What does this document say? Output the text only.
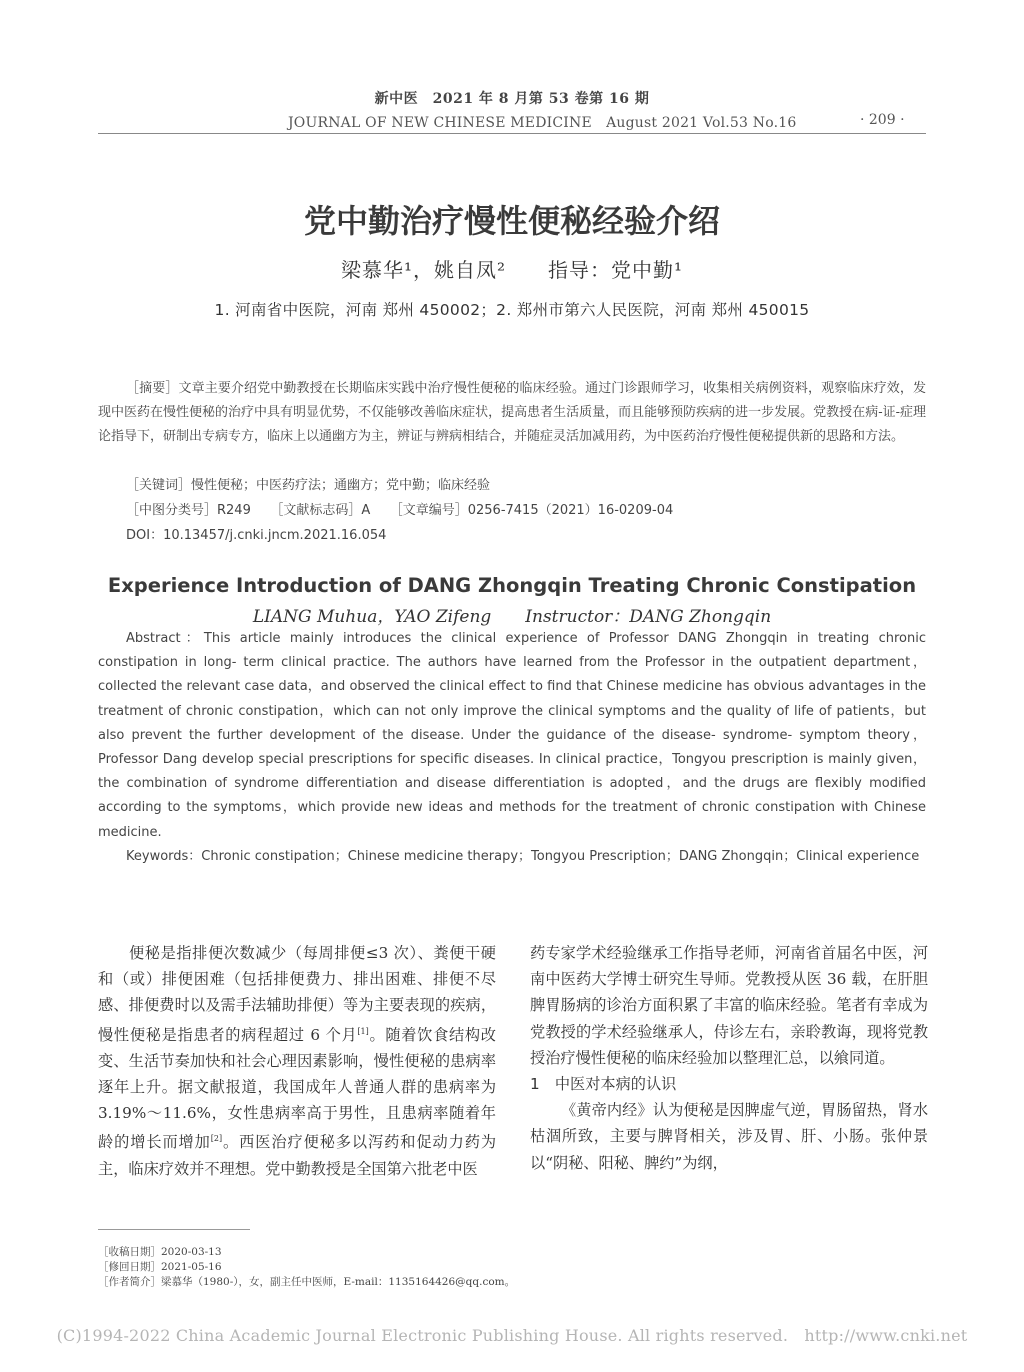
新中医　2021 年 8 月第 53 卷第 16 期
JOURNAL OF NEW CHINESE MEDICINE　August 2021 Vol.53 No.16	· 209 ·
党中勤治疗慢性便秘经验介绍
梁慕华¹，姚自凤²　　指导：党中勤¹
1. 河南省中医院，河南 郑州 450002；2. 郑州市第六人民医院，河南 郑州 450015
［摘要］文章主要介绍党中勤教授在长期临床实践中治疗慢性便秘的临床经验。通过门诊跟师学习，收集相关病例资料，观察临床疗效，发现中医药在慢性便秘的治疗中具有明显优势，不仅能够改善临床症状，提高患者生活质量，而且能够预防疾病的进一步发展。党教授在病-证-症理论指导下，研制出专病专方，临床上以通幽方为主，辨证与辨病相结合，并随症灵活加减用药，为中医药治疗慢性便秘提供新的思路和方法。
［关键词］慢性便秘；中医药疗法；通幽方；党中勤；临床经验
［中图分类号］R249　　［文献标志码］A　　［文章编号］0256-7415（2021）16-0209-04
DOI：10.13457/j.cnki.jncm.2021.16.054
Experience Introduction of DANG Zhongqin Treating Chronic Constipation
LIANG Muhua，YAO Zifeng　　Instructor：DANG Zhongqin
Abstract：This article mainly introduces the clinical experience of Professor DANG Zhongqin in treating chronic constipation in long- term clinical practice. The authors have learned from the Professor in the outpatient department，collected the relevant case data，and observed the clinical effect to find that Chinese medicine has obvious advantages in the treatment of chronic constipation，which can not only improve the clinical symptoms and the quality of life of patients，but also prevent the further development of the disease. Under the guidance of the disease- syndrome- symptom theory，Professor Dang develop special prescriptions for specific diseases. In clinical practice，Tongyou prescription is mainly given，the combination of syndrome differentiation and disease differentiation is adopted，and the drugs are flexibly modified according to the symptoms，which provide new ideas and methods for the treatment of chronic constipation with Chinese medicine.
Keywords：Chronic constipation；Chinese medicine therapy；Tongyou Prescription；DANG Zhongqin；Clinical experience

便秘是指排便次数减少（每周排便≤3 次）、粪便干硬和（或）排便困难（包括排便费力、排出困难、排便不尽感、排便费时以及需手法辅助排便）等为主要表现的疾病，慢性便秘是指患者的病程超过 6 个月[1]。随着饮食结构改变、生活节奏加快和社会心理因素影响，慢性便秘的患病率逐年上升。据文献报道，我国成年人普通人群的患病率为 3.19%～11.6%，女性患病率高于男性，且患病率随着年龄的增长而增加[2]。西医治疗便秘多以泻药和促动力药为主，临床疗效并不理想。党中勤教授是全国第六批老中医

药专家学术经验继承工作指导老师，河南省首届名中医，河南中医药大学博士研究生导师。党教授从医 36 载，在肝胆脾胃肠病的诊治方面积累了丰富的临床经验。笔者有幸成为党教授的学术经验继承人，侍诊左右，亲聆教诲，现将党教授治疗慢性便秘的临床经验加以整理汇总，以飨同道。

1　中医对本病的认识

《黄帝内经》认为便秘是因脾虚气逆，胃肠留热，肾水枯涸所致，主要与脾肾相关，涉及胃、肝、小肠。张仲景以“阴秘、阳秘、脾约”为纲，

［收稿日期］2020-03-13
［修回日期］2021-05-16
［作者简介］梁慕华（1980-），女，副主任中医师，E-mail：1135164426@qq.com。
(C)1994-2022 China Academic Journal Electronic Publishing House. All rights reserved.　http://www.cnki.net
